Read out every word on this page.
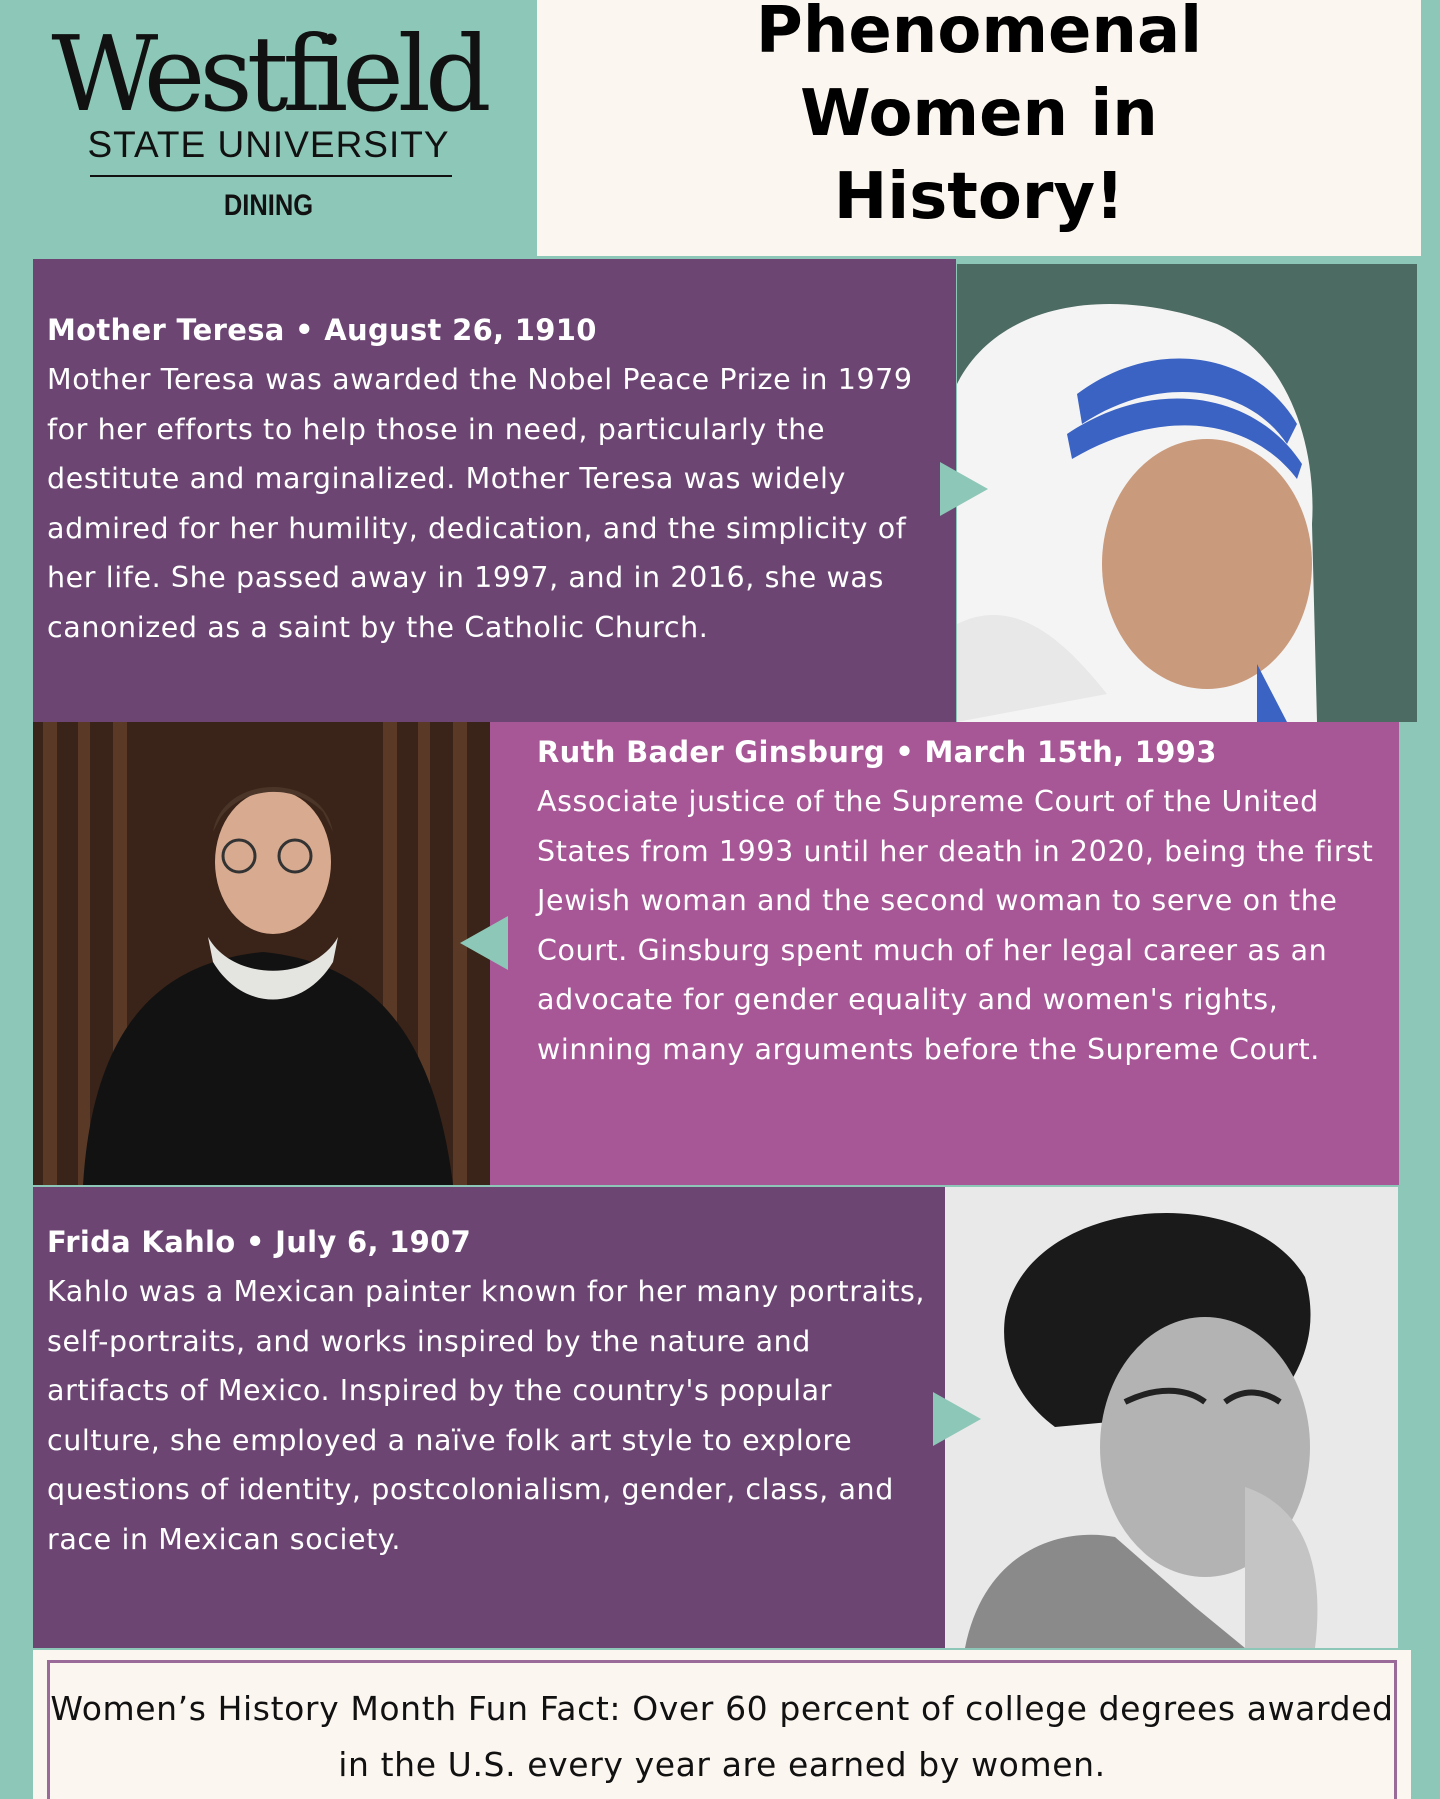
Westfield
STATE UNIVERSITY
DINING
Phenomenal Women in History!
Mother Teresa • August 26, 1910
Mother Teresa was awarded the Nobel Peace Prize in 1979 for her efforts to help those in need, particularly the destitute and marginalized. Mother Teresa was widely admired for her humility, dedication, and the simplicity of her life. She passed away in 1997, and in 2016, she was canonized as a saint by the Catholic Church.
Ruth Bader Ginsburg • March 15th, 1993
Associate justice of the Supreme Court of the United States from 1993 until her death in 2020, being the first Jewish woman and the second woman to serve on the Court. Ginsburg spent much of her legal career as an advocate for gender equality and women's rights, winning many arguments before the Supreme Court.
Frida Kahlo • July 6, 1907
Kahlo was a Mexican painter known for her many portraits, self-portraits, and works inspired by the nature and artifacts of Mexico. Inspired by the country's popular culture, she employed a naïve folk art style to explore questions of identity, postcolonialism, gender, class, and race in Mexican society.
Women’s History Month Fun Fact: Over 60 percent of college degrees awarded in the U.S. every year are earned by women.
